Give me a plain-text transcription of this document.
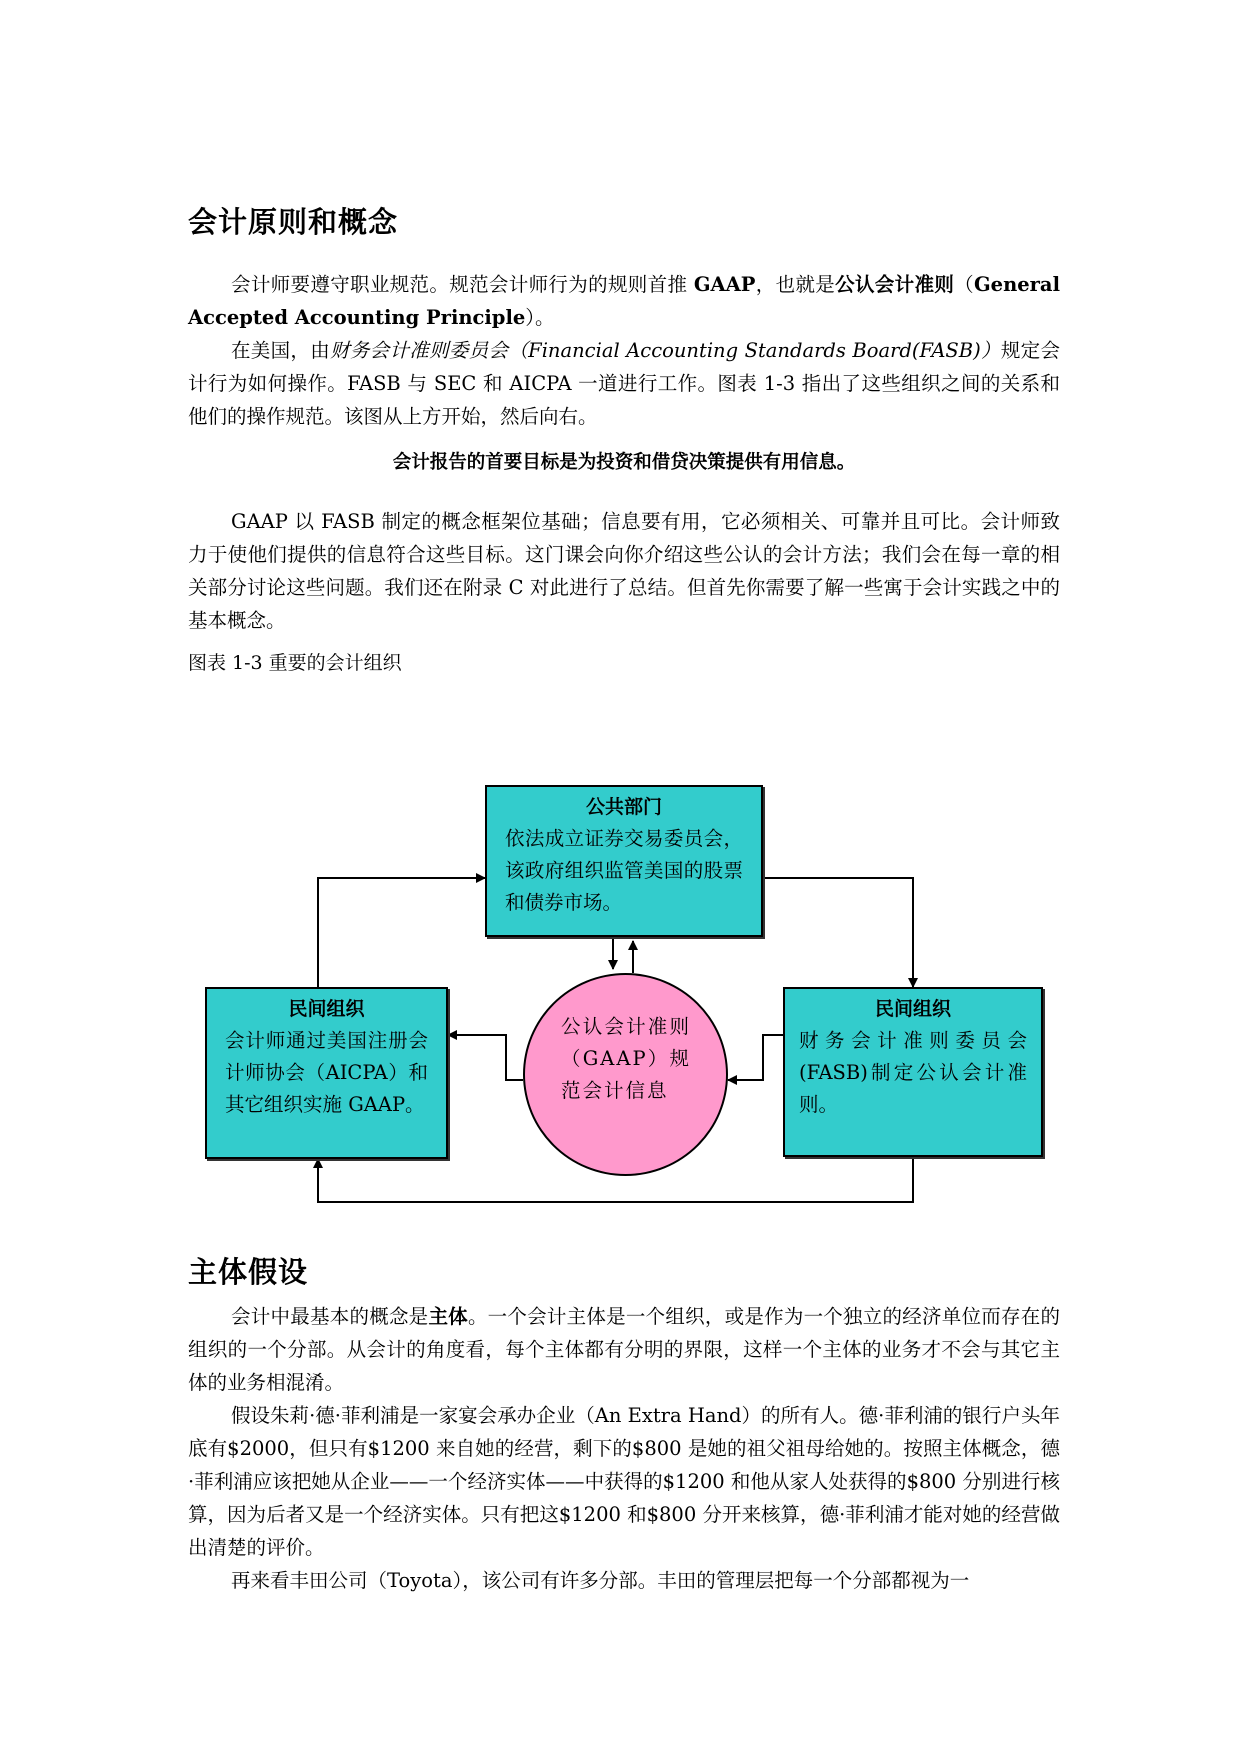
会计原则和概念
会计师要遵守职业规范。规范会计师行为的规则首推 GAAP，也就是公认会计准则（General Accepted Accounting Principle）。
在美国，由财务会计准则委员会（Financial Accounting Standards Board(FASB)）规定会计行为如何操作。FASB 与 SEC 和 AICPA 一道进行工作。图表 1-3 指出了这些组织之间的关系和他们的操作规范。该图从上方开始，然后向右。
会计报告的首要目标是为投资和借贷决策提供有用信息。
GAAP 以 FASB 制定的概念框架位基础；信息要有用，它必须相关、可靠并且可比。会计师致力于使他们提供的信息符合这些目标。这门课会向你介绍这些公认的会计方法；我们会在每一章的相关部分讨论这些问题。我们还在附录 C 对此进行了总结。但首先你需要了解一些寓于会计实践之中的基本概念。
图表 1-3 重要的会计组织
公共部门
依法成立证券交易委员会，该政府组织监管美国的股票和债券市场。
民间组织
会计师通过美国注册会计师协会（AICPA）和其它组织实施 GAAP。
民间组织
财务会计准则委员会(FASB)制定公认会计准则。
公认会计准则（GAAP）规范会计信息
主体假设
会计中最基本的概念是主体。一个会计主体是一个组织，或是作为一个独立的经济单位而存在的组织的一个分部。从会计的角度看，每个主体都有分明的界限，这样一个主体的业务才不会与其它主体的业务相混淆。
假设朱莉·德·菲利浦是一家宴会承办企业（An Extra Hand）的所有人。德·菲利浦的银行户头年底有$2000，但只有$1200 来自她的经营，剩下的$800 是她的祖父祖母给她的。按照主体概念，德·菲利浦应该把她从企业——一个经济实体——中获得的$1200 和他从家人处获得的$800 分别进行核算，因为后者又是一个经济实体。只有把这$1200 和$800 分开来核算，德·菲利浦才能对她的经营做出清楚的评价。
再来看丰田公司（Toyota），该公司有许多分部。丰田的管理层把每一个分部都视为一
